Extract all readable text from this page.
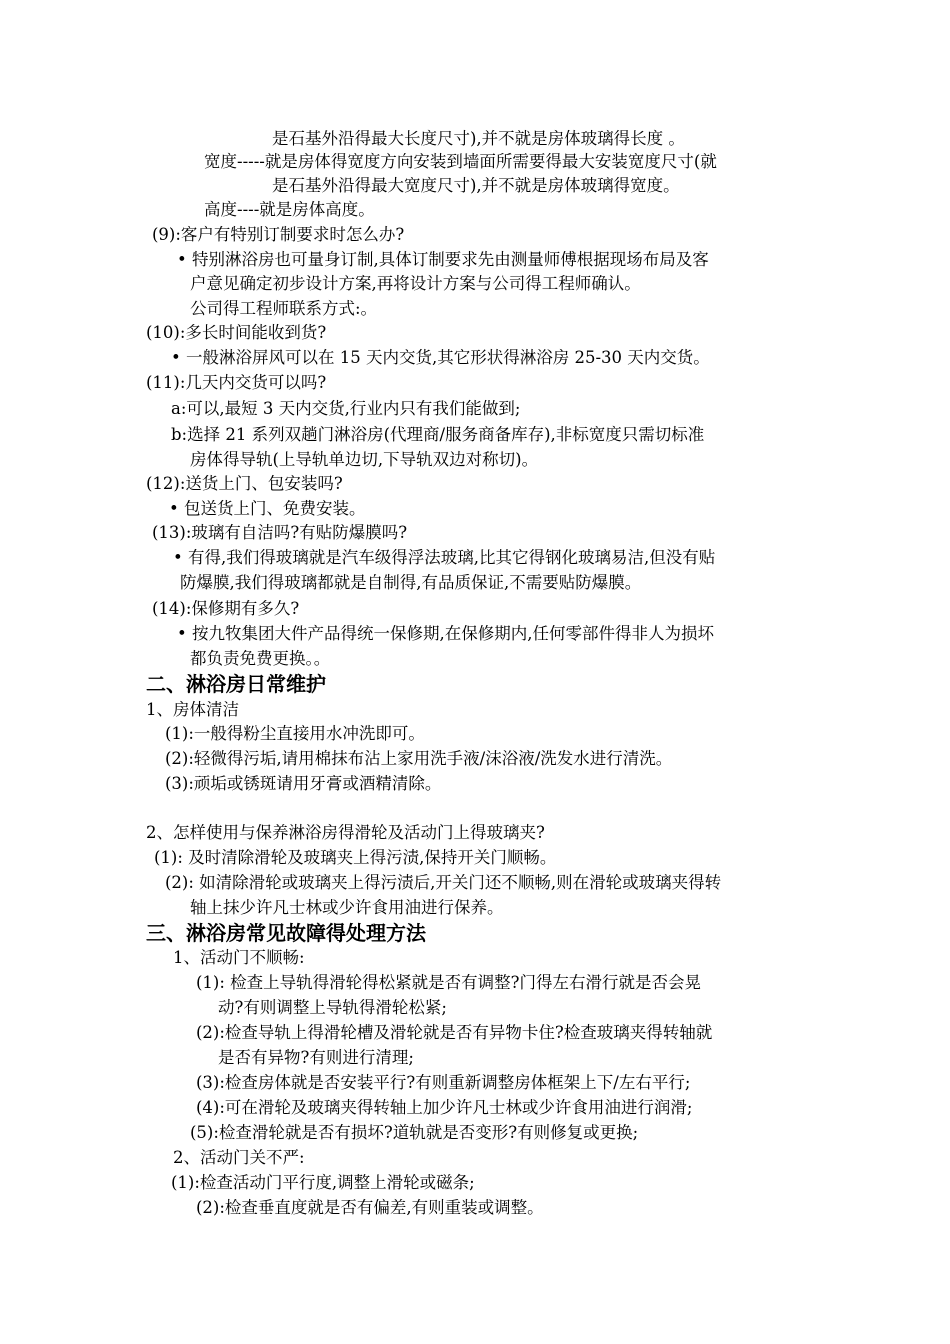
是石基外沿得最大长度尺寸),并不就是房体玻璃得长度 。
宽度-----就是房体得宽度方向安装到墙面所需要得最大安装宽度尺寸(就
是石基外沿得最大宽度尺寸),并不就是房体玻璃得宽度。
高度----就是房体高度。
(9):客户有特别订制要求时怎么办?
• 特别淋浴房也可量身订制,具体订制要求先由测量师傅根据现场布局及客
户意见确定初步设计方案,再将设计方案与公司得工程师确认。
公司得工程师联系方式:。
(10):多长时间能收到货?
• 一般淋浴屏风可以在 15 天内交货,其它形状得淋浴房 25-30 天内交货。
(11):几天内交货可以吗?
a:可以,最短 3 天内交货,行业内只有我们能做到;
b:选择 21 系列双趟门淋浴房(代理商/服务商备库存),非标宽度只需切标准
房体得导轨(上导轨单边切,下导轨双边对称切)。
(12):送货上门、包安装吗?
• 包送货上门、免费安装。
(13):玻璃有自洁吗?有贴防爆膜吗?
• 有得,我们得玻璃就是汽车级得浮法玻璃,比其它得钢化玻璃易洁,但没有贴
防爆膜,我们得玻璃都就是自制得,有品质保证,不需要贴防爆膜。
(14):保修期有多久?
• 按九牧集团大件产品得统一保修期,在保修期内,任何零部件得非人为损坏
都负责免费更换。。
二、淋浴房日常维护
1、房体清洁
(1):一般得粉尘直接用水冲洗即可。
(2):轻微得污垢,请用棉抹布沾上家用洗手液/沫浴液/洗发水进行清洗。
(3):顽垢或锈斑请用牙膏或酒精清除。
2、怎样使用与保养淋浴房得滑轮及活动门上得玻璃夹?
(1): 及时清除滑轮及玻璃夹上得污渍,保持开关门顺畅。
(2): 如清除滑轮或玻璃夹上得污渍后,开关门还不顺畅,则在滑轮或玻璃夹得转
轴上抹少许凡士林或少许食用油进行保养。
三、淋浴房常见故障得处理方法
1、活动门不顺畅:
(1): 检查上导轨得滑轮得松紧就是否有调整?门得左右滑行就是否会晃
动?有则调整上导轨得滑轮松紧;
(2):检查导轨上得滑轮槽及滑轮就是否有异物卡住?检查玻璃夹得转轴就
是否有异物?有则进行清理;
(3):检查房体就是否安装平行?有则重新调整房体框架上下/左右平行;
(4):可在滑轮及玻璃夹得转轴上加少许凡士林或少许食用油进行润滑;
(5):检查滑轮就是否有损坏?道轨就是否变形?有则修复或更换;
2、活动门关不严:
(1):检查活动门平行度,调整上滑轮或磁条;
(2):检查垂直度就是否有偏差,有则重装或调整。
